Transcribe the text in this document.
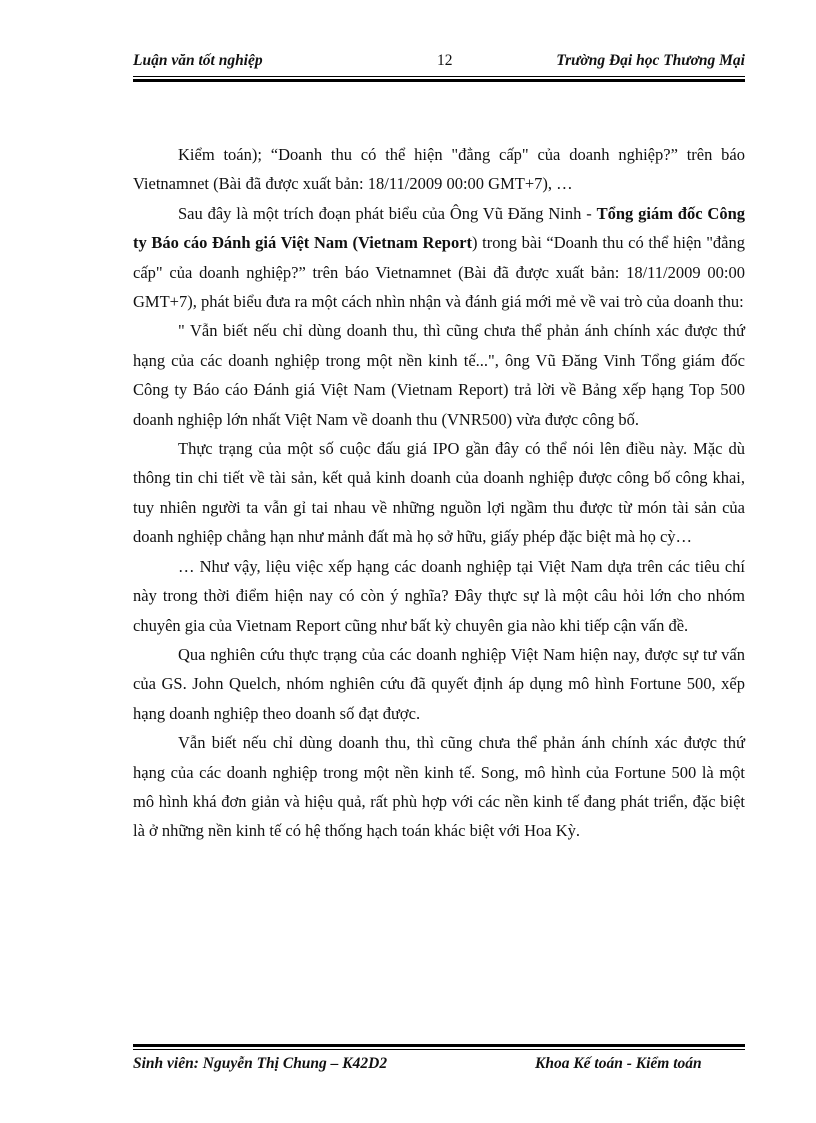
Luận văn tốt nghiệp	12	Trường Đại học Thương Mại

Kiểm toán); “Doanh thu có thể hiện "đẳng cấp" của doanh nghiệp?” trên báo Vietnamnet (Bài đã được xuất bản: 18/11/2009 00:00 GMT+7), …

Sau đây là một trích đoạn phát biểu của Ông Vũ Đăng Ninh - Tổng giám đốc Công ty Báo cáo Đánh giá Việt Nam (Vietnam Report) trong bài “Doanh thu có thể hiện "đẳng cấp" của doanh nghiệp?” trên báo Vietnamnet (Bài đã được xuất bản: 18/11/2009 00:00 GMT+7), phát biểu đưa ra một cách nhìn nhận và đánh giá mới mẻ về vai trò của doanh thu:

" Vẫn biết nếu chỉ dùng doanh thu, thì cũng chưa thể phản ánh chính xác được thứ hạng của các doanh nghiệp trong một nền kinh tế...", ông Vũ Đăng Vinh Tổng giám đốc Công ty Báo cáo Đánh giá Việt Nam (Vietnam Report) trả lời về Bảng xếp hạng Top 500 doanh nghiệp lớn nhất Việt Nam về doanh thu (VNR500) vừa được công bố.

Thực trạng của một số cuộc đấu giá IPO gần đây có thể nói lên điều này. Mặc dù thông tin chi tiết về tài sản, kết quả kinh doanh của doanh nghiệp được công bố công khai, tuy nhiên người ta vẫn gỉ tai nhau về những nguồn lợi ngầm thu được từ món tài sản của doanh nghiệp chẳng hạn như mảnh đất mà họ sở hữu, giấy phép đặc biệt mà họ cỳ…

… Như vậy, liệu việc xếp hạng các doanh nghiệp tại Việt Nam dựa trên các tiêu chí này trong thời điểm hiện nay có còn ý nghĩa? Đây thực sự là một câu hỏi lớn cho nhóm chuyên gia của Vietnam Report cũng như bất kỳ chuyên gia nào khi tiếp cận vấn đề.

Qua nghiên cứu thực trạng của các doanh nghiệp Việt Nam hiện nay, được sự tư vấn của GS. John Quelch, nhóm nghiên cứu đã quyết định áp dụng mô hình Fortune 500, xếp hạng doanh nghiệp theo doanh số đạt được.

Vẫn biết nếu chỉ dùng doanh thu, thì cũng chưa thể phản ánh chính xác được thứ hạng của các doanh nghiệp trong một nền kinh tế. Song, mô hình của Fortune 500 là một mô hình khá đơn giản và hiệu quả, rất phù hợp với các nền kinh tế đang phát triển, đặc biệt là ở những nền kinh tế có hệ thống hạch toán khác biệt với Hoa Kỳ.

Sinh viên: Nguyễn Thị Chung – K42D2	Khoa Kế toán - Kiểm toán
